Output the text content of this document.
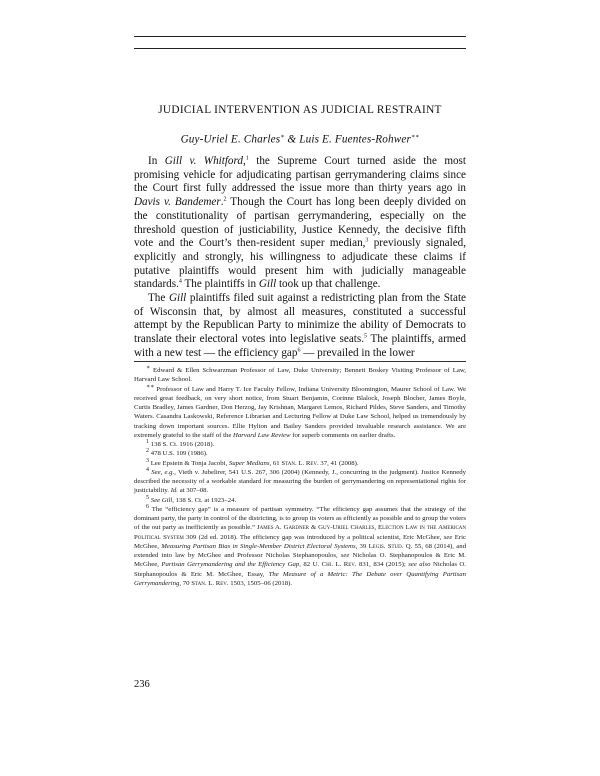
JUDICIAL INTERVENTION AS JUDICIAL RESTRAINT
Guy-Uriel E. Charles∗ & Luis E. Fuentes-Rohwer∗∗

In Gill v. Whitford,$^1$ the Supreme Court turned aside the most promising vehicle for adjudicating partisan gerrymandering claims since the Court first fully addressed the issue more than thirty years ago in Davis v. Bandemer.$^2$ Though the Court has long been deeply divided on the constitutionality of partisan gerrymandering, especially on the threshold question of justiciability, Justice Kennedy, the decisive fifth vote and the Court’s then-resident super median,$^3$ previously signaled, explicitly and strongly, his willingness to adjudicate these claims if putative plaintiffs would present him with judicially manageable standards.$^4$ The plaintiffs in Gill took up that challenge.

The Gill plaintiffs filed suit against a redistricting plan from the State of Wisconsin that, by almost all measures, constituted a successful attempt by the Republican Party to minimize the ability of Democrats to translate their electoral votes into legislative seats.$^5$ The plaintiffs, armed with a new test — the efficiency gap$^6$ — prevailed in the lower

∗ Edward & Ellen Schwarzman Professor of Law, Duke University; Bennett Boskey Visiting Professor of Law, Harvard Law School.

∗∗ Professor of Law and Harry T. Ice Faculty Fellow, Indiana University Bloomington, Maurer School of Law. We received great feedback, on very short notice, from Stuart Benjamin, Corinne Blalock, Joseph Blocher, James Boyle, Curtis Bradley, James Gardner, Don Herzog, Jay Krishnan, Margaret Lemos, Richard Pildes, Steve Sanders, and Timothy Waters. Casandra Laskowski, Reference Librarian and Lecturing Fellow at Duke Law School, helped us tremendously by tracking down important sources. Ellie Hylton and Bailey Sanders provided invaluable research assistance. We are extremely grateful to the staff of the Harvard Law Review for superb comments on earlier drafts.

$^1$ 138 S. Ct. 1916 (2018).

$^2$ 478 U.S. 109 (1986).

$^3$ Lee Epstein & Tonja Jacobi, Super Medians, 61 Stan. L. Rev. 37, 41 (2008).

$^4$ See, e.g., Vieth v. Jubelirer, 541 U.S. 267, 306 (2004) (Kennedy, J., concurring in the judgment). Justice Kennedy described the necessity of a workable standard for measuring the burden of gerrymandering on representational rights for justiciability. Id. at 307–08.

$^5$ See Gill, 138 S. Ct. at 1923–24.

$^6$ The “efficiency gap” is a measure of partisan symmetry. “The efficiency gap assumes that the strategy of the dominant party, the party in control of the districting, is to group its voters as efficiently as possible and to group the voters of the out party as inefficiently as possible.” James A. Gardner & Guy-Uriel Charles, Election Law in the American Political System 309 (2d ed. 2018). The efficiency gap was introduced by a political scientist, Eric McGhee, see Eric McGhee, Measuring Partisan Bias in Single-Member District Electoral Systems, 39 Legis. Stud. Q. 55, 68 (2014), and extended into law by McGhee and Professor Nicholas Stephanopoulos, see Nicholas O. Stephanopoulos & Eric M. McGhee, Partisan Gerrymandering and the Efficiency Gap, 82 U. Chi. L. Rev. 831, 834 (2015); see also Nicholas O. Stephanopoulos & Eric M. McGhee, Essay, The Measure of a Metric: The Debate over Quantifying Partisan Gerrymandering, 70 Stan. L. Rev. 1503, 1505–06 (2018).

236
